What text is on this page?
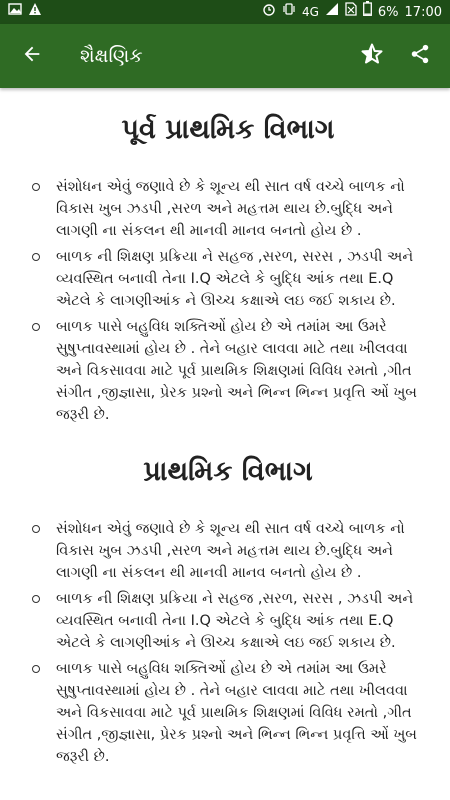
4G	6% 17:00
શૈક્ષણિક
પૂર્વ પ્રાથમિક વિભાગ
સંશોધન એવું જણાવે છે કે શૂન્ય થી સાત વર્ષ વચ્ચે બાળક નો વિકાસ ખુબ ઝડપી ,સરળ અને મહત્તમ થાય છે.બુદ્ધિ અને લાગણી ના સંકલન થી માનવી માનવ બનતો હોય છે .
બાળક ની શિક્ષણ પ્રક્રિયા ને સહજ ,સરળ, સરસ , ઝડપી અને વ્યવસ્થિત બનાવી તેના I.Q એટલે કે બુદ્ધિ આંક તથા E.Q એટલે કે લાગણીઆંક ને ઊચ્ચ કક્ષાએ લઇ જઈ શકાય છે.
બાળક પાસે બહુવિધ શક્તિઓં હોય છે એ તમાંમ આ ઉમરે સુષુપ્તાવસ્થામાં હોય છે . તેને બહાર લાવવા માટે તથા ખીલવવા અને વિકસાવવા માટે પૂર્વ પ્રાથમિક શિક્ષણમાં વિવિધ રમતો ,ગીત સંગીત ,જીજ્ઞાસા, પ્રેરક પ્રશ્નો અને ભિન્ન ભિન્ન પ્રવૃત્તિ ઓં ખુબ જરૂરી છે.
પ્રાથમિક વિભાગ
સંશોધન એવું જણાવે છે કે શૂન્ય થી સાત વર્ષ વચ્ચે બાળક નો વિકાસ ખુબ ઝડપી ,સરળ અને મહત્તમ થાય છે.બુદ્ધિ અને લાગણી ના સંકલન થી માનવી માનવ બનતો હોય છે .
બાળક ની શિક્ષણ પ્રક્રિયા ને સહજ ,સરળ, સરસ , ઝડપી અને વ્યવસ્થિત બનાવી તેના I.Q એટલે કે બુદ્ધિ આંક તથા E.Q એટલે કે લાગણીઆંક ને ઊચ્ચ કક્ષાએ લઇ જઈ શકાય છે.
બાળક પાસે બહુવિધ શક્તિઓં હોય છે એ તમાંમ આ ઉમરે સુષુપ્તાવસ્થામાં હોય છે . તેને બહાર લાવવા માટે તથા ખીલવવા અને વિકસાવવા માટે પૂર્વ પ્રાથમિક શિક્ષણમાં વિવિધ રમતો ,ગીત સંગીત ,જીજ્ઞાસા, પ્રેરક પ્રશ્નો અને ભિન્ન ભિન્ન પ્રવૃત્તિ ઓં ખુબ જરૂરી છે.
